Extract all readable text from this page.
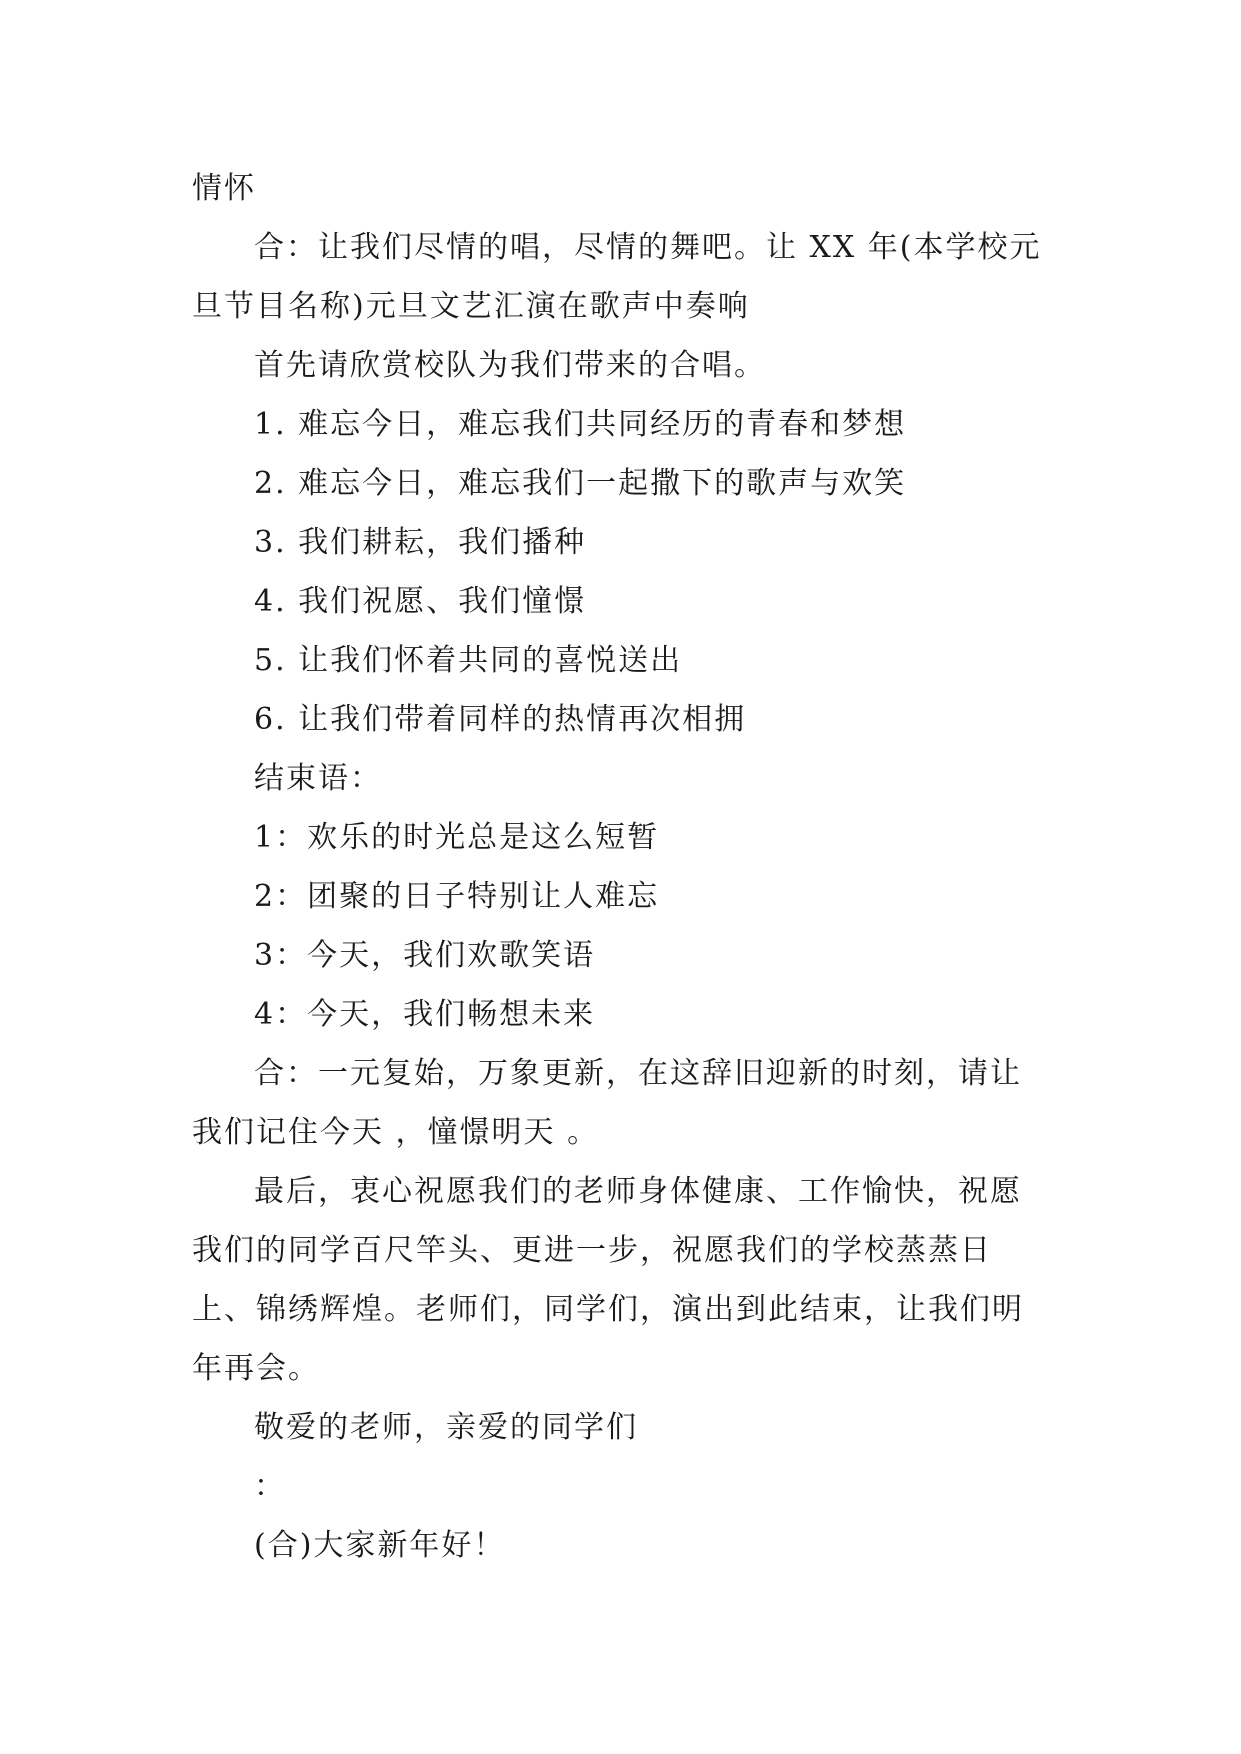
情怀

合：让我们尽情的唱，尽情的舞吧。让 XX 年(本学校元旦节目名称)元旦文艺汇演在歌声中奏响

首先请欣赏校队为我们带来的合唱。
1. 难忘今日，难忘我们共同经历的青春和梦想
2. 难忘今日，难忘我们一起撒下的歌声与欢笑
3. 我们耕耘，我们播种
4. 我们祝愿、我们憧憬
5. 让我们怀着共同的喜悦送出
6. 让我们带着同样的热情再次相拥
结束语：
1：欢乐的时光总是这么短暂
2：团聚的日子特别让人难忘
3：今天，我们欢歌笑语
4：今天，我们畅想未来

合：一元复始，万象更新，在这辞旧迎新的时刻，请让我们记住今天 ，憧憬明天 。

最后，衷心祝愿我们的老师身体健康、工作愉快，祝愿我们的同学百尺竿头、更进一步，祝愿我们的学校蒸蒸日上、锦绣辉煌。老师们，同学们，演出到此结束，让我们明年再会。

敬爱的老师，亲爱的同学们
：
(合)大家新年好！
